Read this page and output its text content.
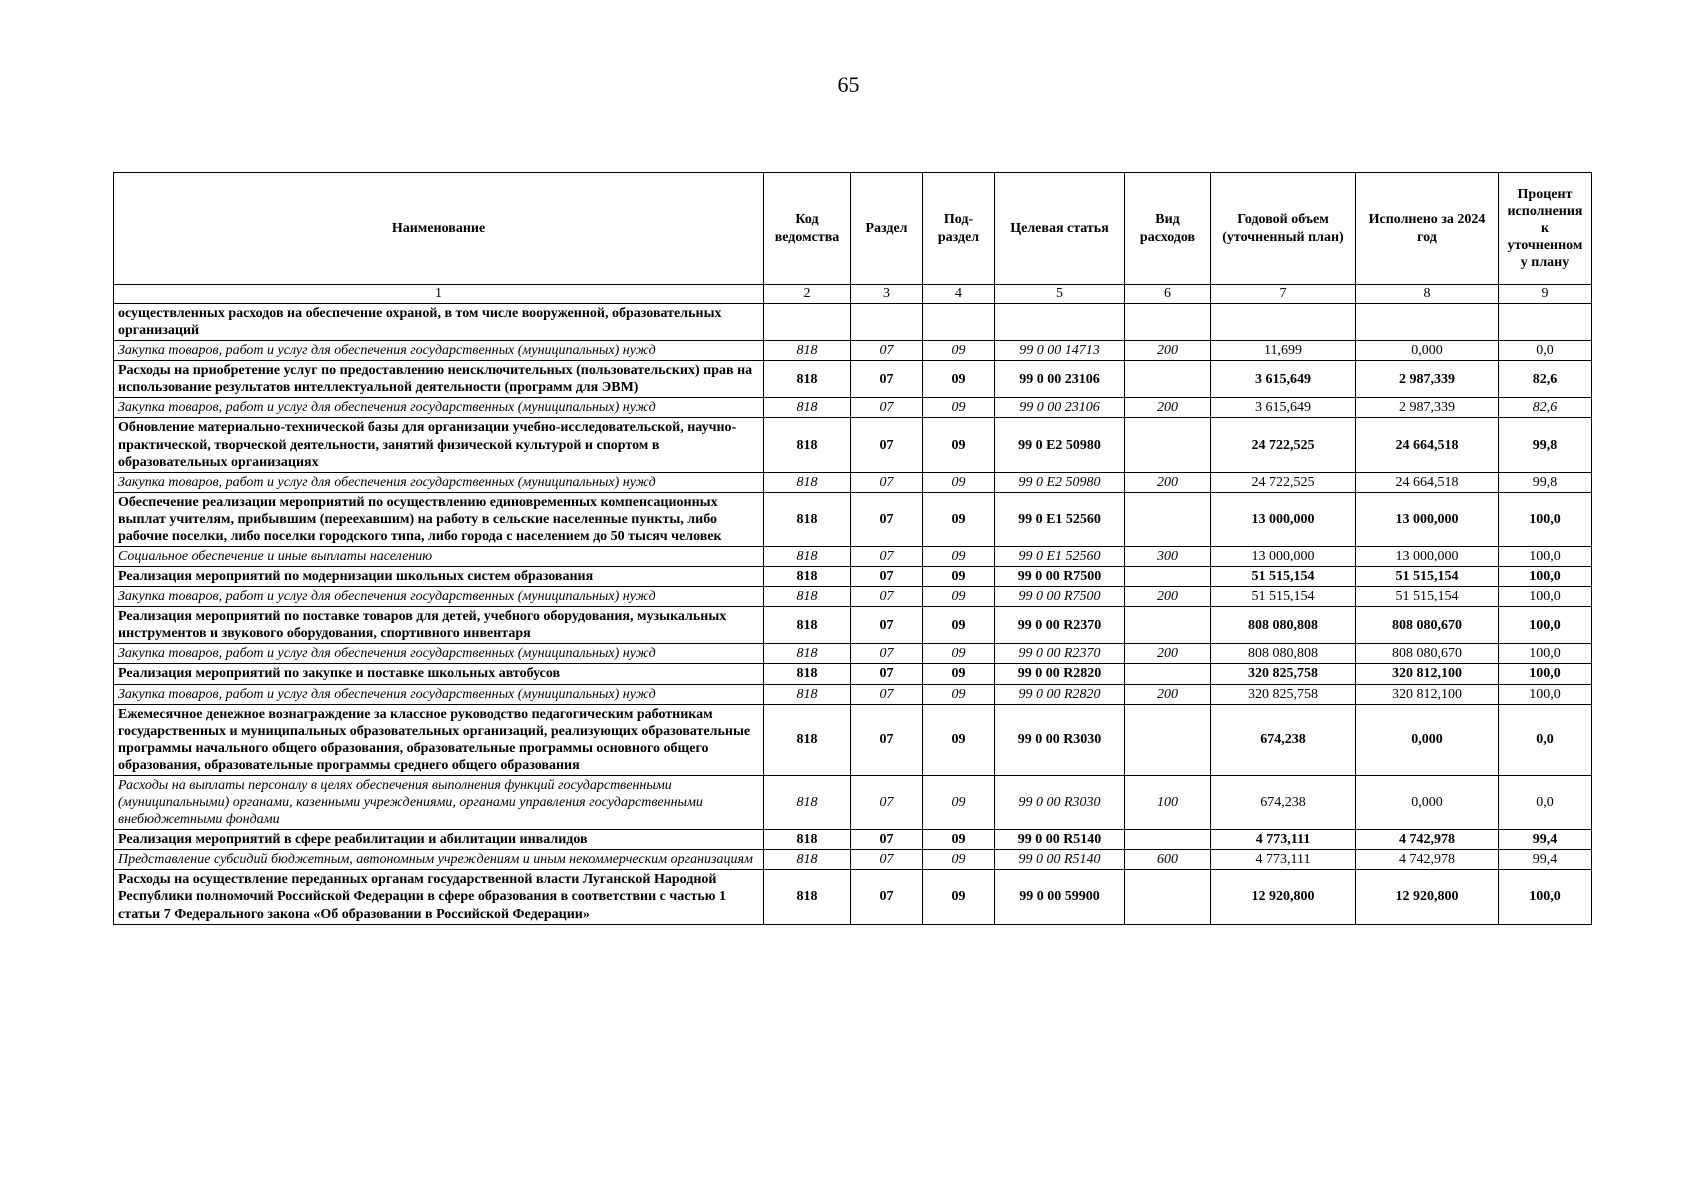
65
Наименование	Код ведомства	Раздел	Под-раздел	Целевая статья	Вид расходов	Годовой объем (уточненный план)	Исполнено за 2024 год	Процент исполнения к уточненном у плану
1	2	3	4	5	6	7	8	9
осуществленных расходов на обеспечение охраной, в том числе вооруженной, образовательных организаций								
Закупка товаров, работ и услуг для обеспечения государственных (муниципальных) нужд	818	07	09	99 0 00 14713	200	11,699	0,000	0,0
Расходы на приобретение услуг по предоставлению неисключительных (пользовательских) прав на использование результатов интеллектуальной деятельности (программ для ЭВМ)	818	07	09	99 0 00 23106		3 615,649	2 987,339	82,6
Закупка товаров, работ и услуг для обеспечения государственных (муниципальных) нужд	818	07	09	99 0 00 23106	200	3 615,649	2 987,339	82,6
Обновление материально-технической базы для организации учебно-исследовательской, научно-практической, творческой деятельности, занятий физической культурой и спортом в образовательных организациях	818	07	09	99 0 Е2 50980		24 722,525	24 664,518	99,8
Закупка товаров, работ и услуг для обеспечения государственных (муниципальных) нужд	818	07	09	99 0 Е2 50980	200	24 722,525	24 664,518	99,8
Обеспечение реализации мероприятий по осуществлению единовременных компенсационных выплат учителям, прибывшим (переехавшим) на работу в сельские населенные пункты, либо рабочие поселки, либо поселки городского типа, либо города с населением до 50 тысяч человек	818	07	09	99 0 Е1 52560		13 000,000	13 000,000	100,0
Социальное обеспечение и иные выплаты населению	818	07	09	99 0 Е1 52560	300	13 000,000	13 000,000	100,0
Реализация мероприятий по модернизации школьных систем образования	818	07	09	99 0 00 R7500		51 515,154	51 515,154	100,0
Закупка товаров, работ и услуг для обеспечения государственных (муниципальных) нужд	818	07	09	99 0 00 R7500	200	51 515,154	51 515,154	100,0
Реализация мероприятий по поставке товаров для детей, учебного оборудования, музыкальных инструментов и звукового оборудования, спортивного инвентаря	818	07	09	99 0 00 R2370		808 080,808	808 080,670	100,0
Закупка товаров, работ и услуг для обеспечения государственных (муниципальных) нужд	818	07	09	99 0 00 R2370	200	808 080,808	808 080,670	100,0
Реализация мероприятий по закупке и поставке школьных автобусов	818	07	09	99 0 00 R2820		320 825,758	320 812,100	100,0
Закупка товаров, работ и услуг для обеспечения государственных (муниципальных) нужд	818	07	09	99 0 00 R2820	200	320 825,758	320 812,100	100,0
Ежемесячное денежное вознаграждение за классное руководство педагогическим работникам государственных и муниципальных образовательных организаций, реализующих образовательные программы начального общего образования, образовательные программы основного общего образования, образовательные программы среднего общего образования	818	07	09	99 0 00 R3030		674,238	0,000	0,0
Расходы на выплаты персоналу в целях обеспечения выполнения функций государственными (муниципальными) органами, казенными учреждениями, органами управления государственными внебюджетными фондами	818	07	09	99 0 00 R3030	100	674,238	0,000	0,0
Реализация мероприятий в сфере реабилитации и абилитации инвалидов	818	07	09	99 0 00 R5140		4 773,111	4 742,978	99,4
Представление субсидий бюджетным, автономным учреждениям и иным некоммерческим организациям	818	07	09	99 0 00 R5140	600	4 773,111	4 742,978	99,4
Расходы на осуществление переданных органам государственной власти Луганской Народной Республики полномочий Российской Федерации в сфере образования в соответствии с частью 1 статьи 7 Федерального закона «Об образовании в Российской Федерации»	818	07	09	99 0 00 59900		12 920,800	12 920,800	100,0
